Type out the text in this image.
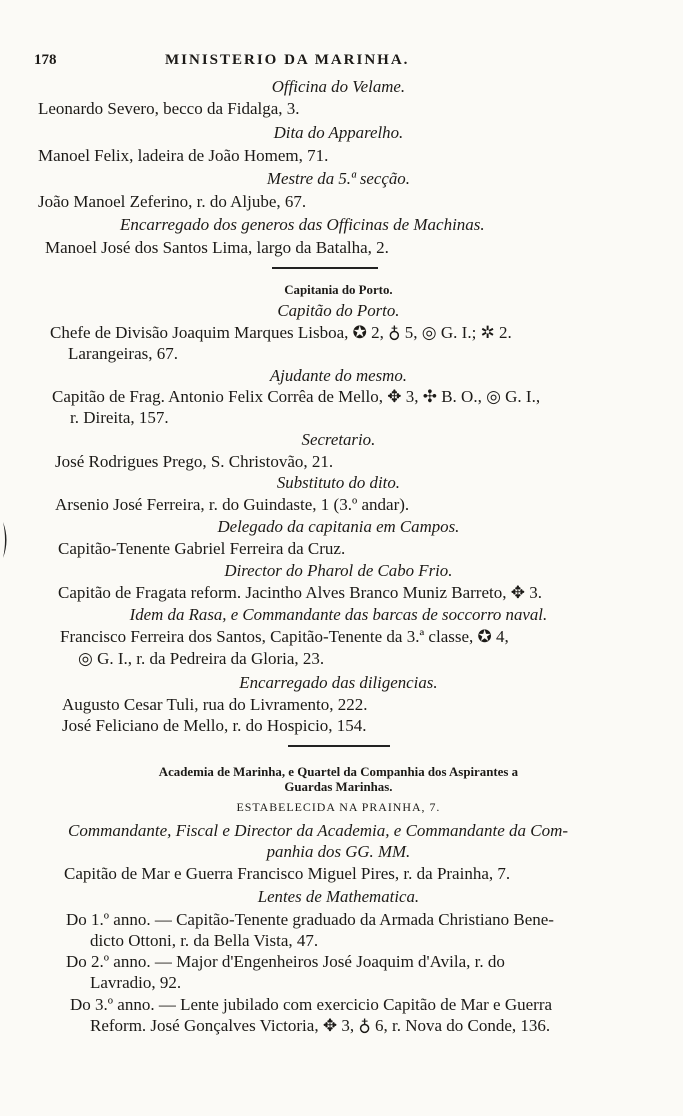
178	MINISTERIO DA MARINHA.
Officina do Velame.
Leonardo Severo, becco da Fidalga, 3.
Dita do Apparelho.
Manoel Felix, ladeira de João Homem, 71.
Mestre da 5.ª secção.
João Manoel Zeferino, r. do Aljube, 67.
Encarregado dos generos das Officinas de Machinas.
Manoel José dos Santos Lima, largo da Batalha, 2.
Capitania do Porto.
Capitão do Porto.
Chefe de Divisão Joaquim Marques Lisboa, ✪ 2, ♁ 5, ◎ G. I.; ✲ 2.
Larangeiras, 67.
Ajudante do mesmo.
Capitão de Frag. Antonio Felix Corrêa de Mello, ✥ 3, ✣ B. O., ◎ G. I.,
r. Direita, 157.
Secretario.
José Rodrigues Prego, S. Christovão, 21.
Substituto do dito.
Arsenio José Ferreira, r. do Guindaste, 1 (3.º andar).
Delegado da capitania em Campos.
Capitão-Tenente Gabriel Ferreira da Cruz.
Director do Pharol de Cabo Frio.
Capitão de Fragata reform. Jacintho Alves Branco Muniz Barreto, ✥ 3.
Idem da Rasa, e Commandante das barcas de soccorro naval.
Francisco Ferreira dos Santos, Capitão-Tenente da 3.ª classe, ✪ 4,
◎ G. I., r. da Pedreira da Gloria, 23.
Encarregado das diligencias.
Augusto Cesar Tuli, rua do Livramento, 222.
José Feliciano de Mello, r. do Hospicio, 154.
Academia de Marinha, e Quartel da Companhia dos Aspirantes a
Guardas Marinhas.
ESTABELECIDA NA PRAINHA, 7.
Commandante, Fiscal e Director da Academia, e Commandante da Com-
panhia dos GG. MM.
Capitão de Mar e Guerra Francisco Miguel Pires, r. da Prainha, 7.
Lentes de Mathematica.
Do 1.º anno. — Capitão-Tenente graduado da Armada Christiano Bene-
dicto Ottoni, r. da Bella Vista, 47.
Do 2.º anno. — Major d'Engenheiros José Joaquim d'Avila, r. do
Lavradio, 92.
Do 3.º anno. — Lente jubilado com exercicio Capitão de Mar e Guerra
Reform. José Gonçalves Victoria, ✥ 3, ♁ 6, r. Nova do Conde, 136.
